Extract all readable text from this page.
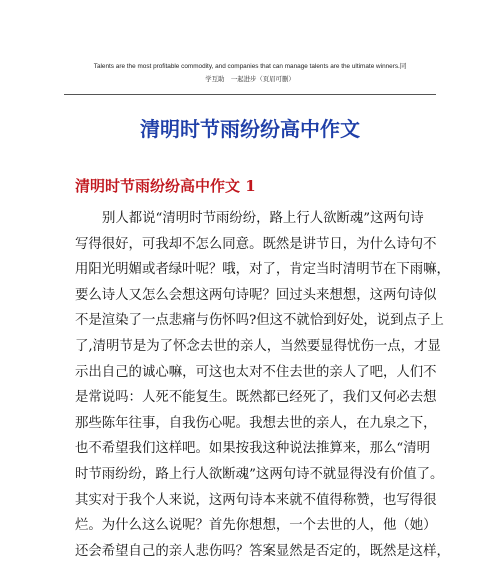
Talents are the most profitable commodity, and companies that can manage talents are the ultimate winners.同
学互助　一起进步（页眉可删）
清明时节雨纷纷高中作文
清明时节雨纷纷高中作文 1
别人都说“清明时节雨纷纷，路上行人欲断魂”这两句诗
写得很好，可我却不怎么同意。既然是讲节日，为什么诗句不
用阳光明媚或者绿叶呢？哦，对了，肯定当时清明节在下雨嘛，
要么诗人又怎么会想这两句诗呢？回过头来想想，这两句诗似
不是渲染了一点悲痛与伤怀吗?但这不就恰到好处，说到点子上
了,清明节是为了怀念去世的亲人，当然要显得忧伤一点，才显
示出自己的诚心嘛，可这也太对不住去世的亲人了吧，人们不
是常说吗：人死不能复生。既然都已经死了，我们又何必去想
那些陈年往事，自我伤心呢。我想去世的亲人，在九泉之下，
也不希望我们这样吧。如果按我这种说法推算来，那么“清明
时节雨纷纷，路上行人欲断魂”这两句诗不就显得没有价值了。
其实对于我个人来说，这两句诗本来就不值得称赞，也写得很
烂。为什么这么说呢？首先你想想，一个去世的人，他（她）
还会希望自己的亲人悲伤吗？答案显然是否定的，既然是这样，
